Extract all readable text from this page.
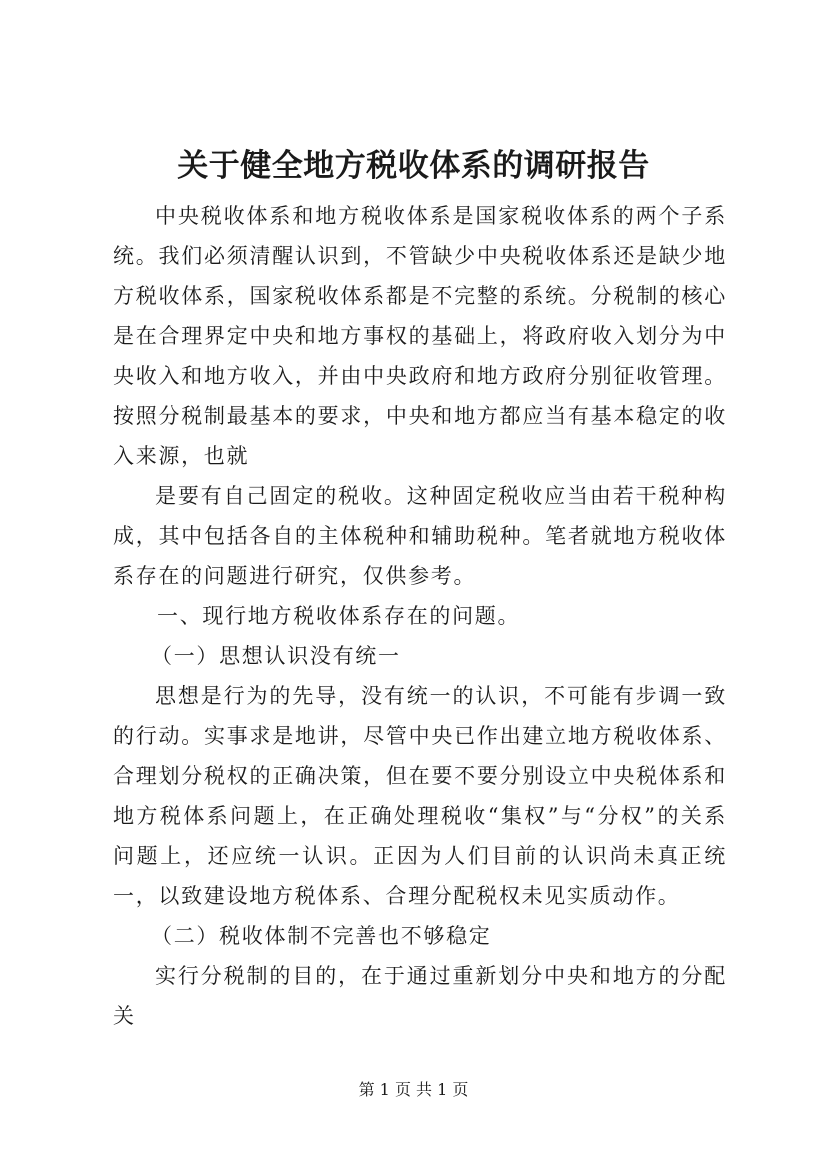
关于健全地方税收体系的调研报告

中央税收体系和地方税收体系是国家税收体系的两个子系统。我们必须清醒认识到，不管缺少中央税收体系还是缺少地方税收体系，国家税收体系都是不完整的系统。分税制的核心是在合理界定中央和地方事权的基础上，将政府收入划分为中央收入和地方收入，并由中央政府和地方政府分别征收管理。按照分税制最基本的要求，中央和地方都应当有基本稳定的收入来源，也就

是要有自己固定的税收。这种固定税收应当由若干税种构成，其中包括各自的主体税种和辅助税种。笔者就地方税收体系存在的问题进行研究，仅供参考。

一、现行地方税收体系存在的问题。

（一）思想认识没有统一

思想是行为的先导，没有统一的认识，不可能有步调一致的行动。实事求是地讲，尽管中央已作出建立地方税收体系、合理划分税权的正确决策，但在要不要分别设立中央税体系和地方税体系问题上，在正确处理税收“集权”与“分权”的关系问题上，还应统一认识。正因为人们目前的认识尚未真正统一，以致建设地方税体系、合理分配税权未见实质动作。

（二）税收体制不完善也不够稳定

实行分税制的目的，在于通过重新划分中央和地方的分配关

第 1 页 共 1 页
